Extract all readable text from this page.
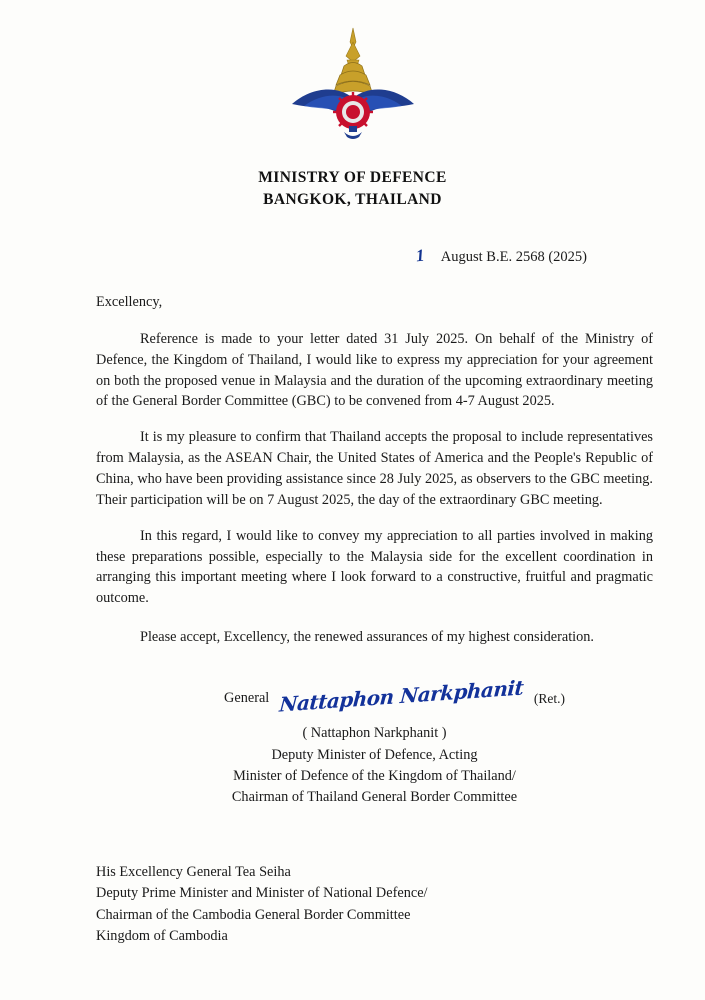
MINISTRY OF DEFENCE
BANGKOK, THAILAND
1 August B.E. 2568 (2025)
Excellency,

Reference is made to your letter dated 31 July 2025. On behalf of the Ministry of Defence, the Kingdom of Thailand, I would like to express my appreciation for your agreement on both the proposed venue in Malaysia and the duration of the upcoming extraordinary meeting of the General Border Committee (GBC) to be convened from 4-7 August 2025.

It is my pleasure to confirm that Thailand accepts the proposal to include representatives from Malaysia, as the ASEAN Chair, the United States of America and the People's Republic of China, who have been providing assistance since 28 July 2025, as observers to the GBC meeting. Their participation will be on 7 August 2025, the day of the extraordinary GBC meeting.

In this regard, I would like to convey my appreciation to all parties involved in making these preparations possible, especially to the Malaysia side for the excellent coordination in arranging this important meeting where I look forward to a constructive, fruitful and pragmatic outcome.

Please accept, Excellency, the renewed assurances of my highest consideration.

General Nattaphon Narkphanit (Ret.)
( Nattaphon Narkphanit )
Deputy Minister of Defence, Acting
Minister of Defence of the Kingdom of Thailand/
Chairman of Thailand General Border Committee
His Excellency General Tea Seiha
Deputy Prime Minister and Minister of National Defence/
Chairman of the Cambodia General Border Committee
Kingdom of Cambodia
